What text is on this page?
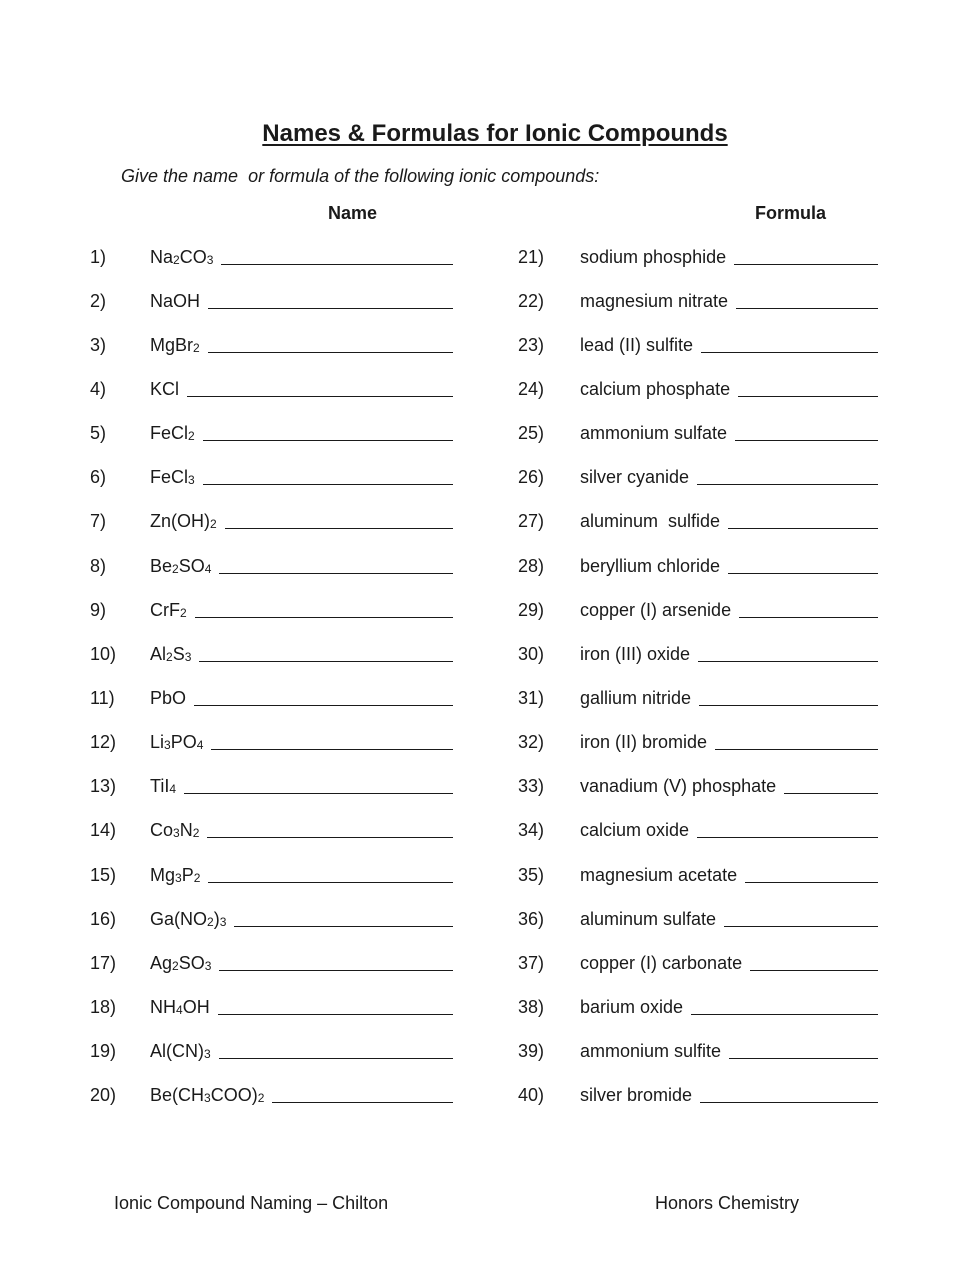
Names & Formulas for Ionic Compounds

Give the name  or formula of the following ionic compounds:

Name	Formula

1)	$Na_2CO_3$
2)	NaOH
3)	MgBr$_2$
4)	KCl
5)	FeCl$_2$
6)	FeCl$_3$
7)	$Zn(OH)_2$
8)	$Be_2SO_4$
9)	CrF$_2$
10)	$Al_2S_3$
11)	PbO
12)	$Li_3PO_4$
13)	TiI$_4$
14)	$Co_3N_2$
15)	$Mg_3P_2$
16)	$Ga(NO_2)_3$
17)	$Ag_2SO_3$
18)	$NH_4OH$
19)	$Al(CN)_3$
20)	$Be(CH_3COO)_2$
21)	sodium phosphide
22)	magnesium nitrate
23)	lead (II) sulfite
24)	calcium phosphate
25)	ammonium sulfate
26)	silver cyanide
27)	aluminum  sulfide
28)	beryllium chloride
29)	copper (I) arsenide
30)	iron (III) oxide
31)	gallium nitride
32)	iron (II) bromide
33)	vanadium (V) phosphate
34)	calcium oxide
35)	magnesium acetate
36)	aluminum sulfate
37)	copper (I) carbonate
38)	barium oxide
39)	ammonium sulfite
40)	silver bromide

Ionic Compound Naming – Chilton	Honors Chemistry
